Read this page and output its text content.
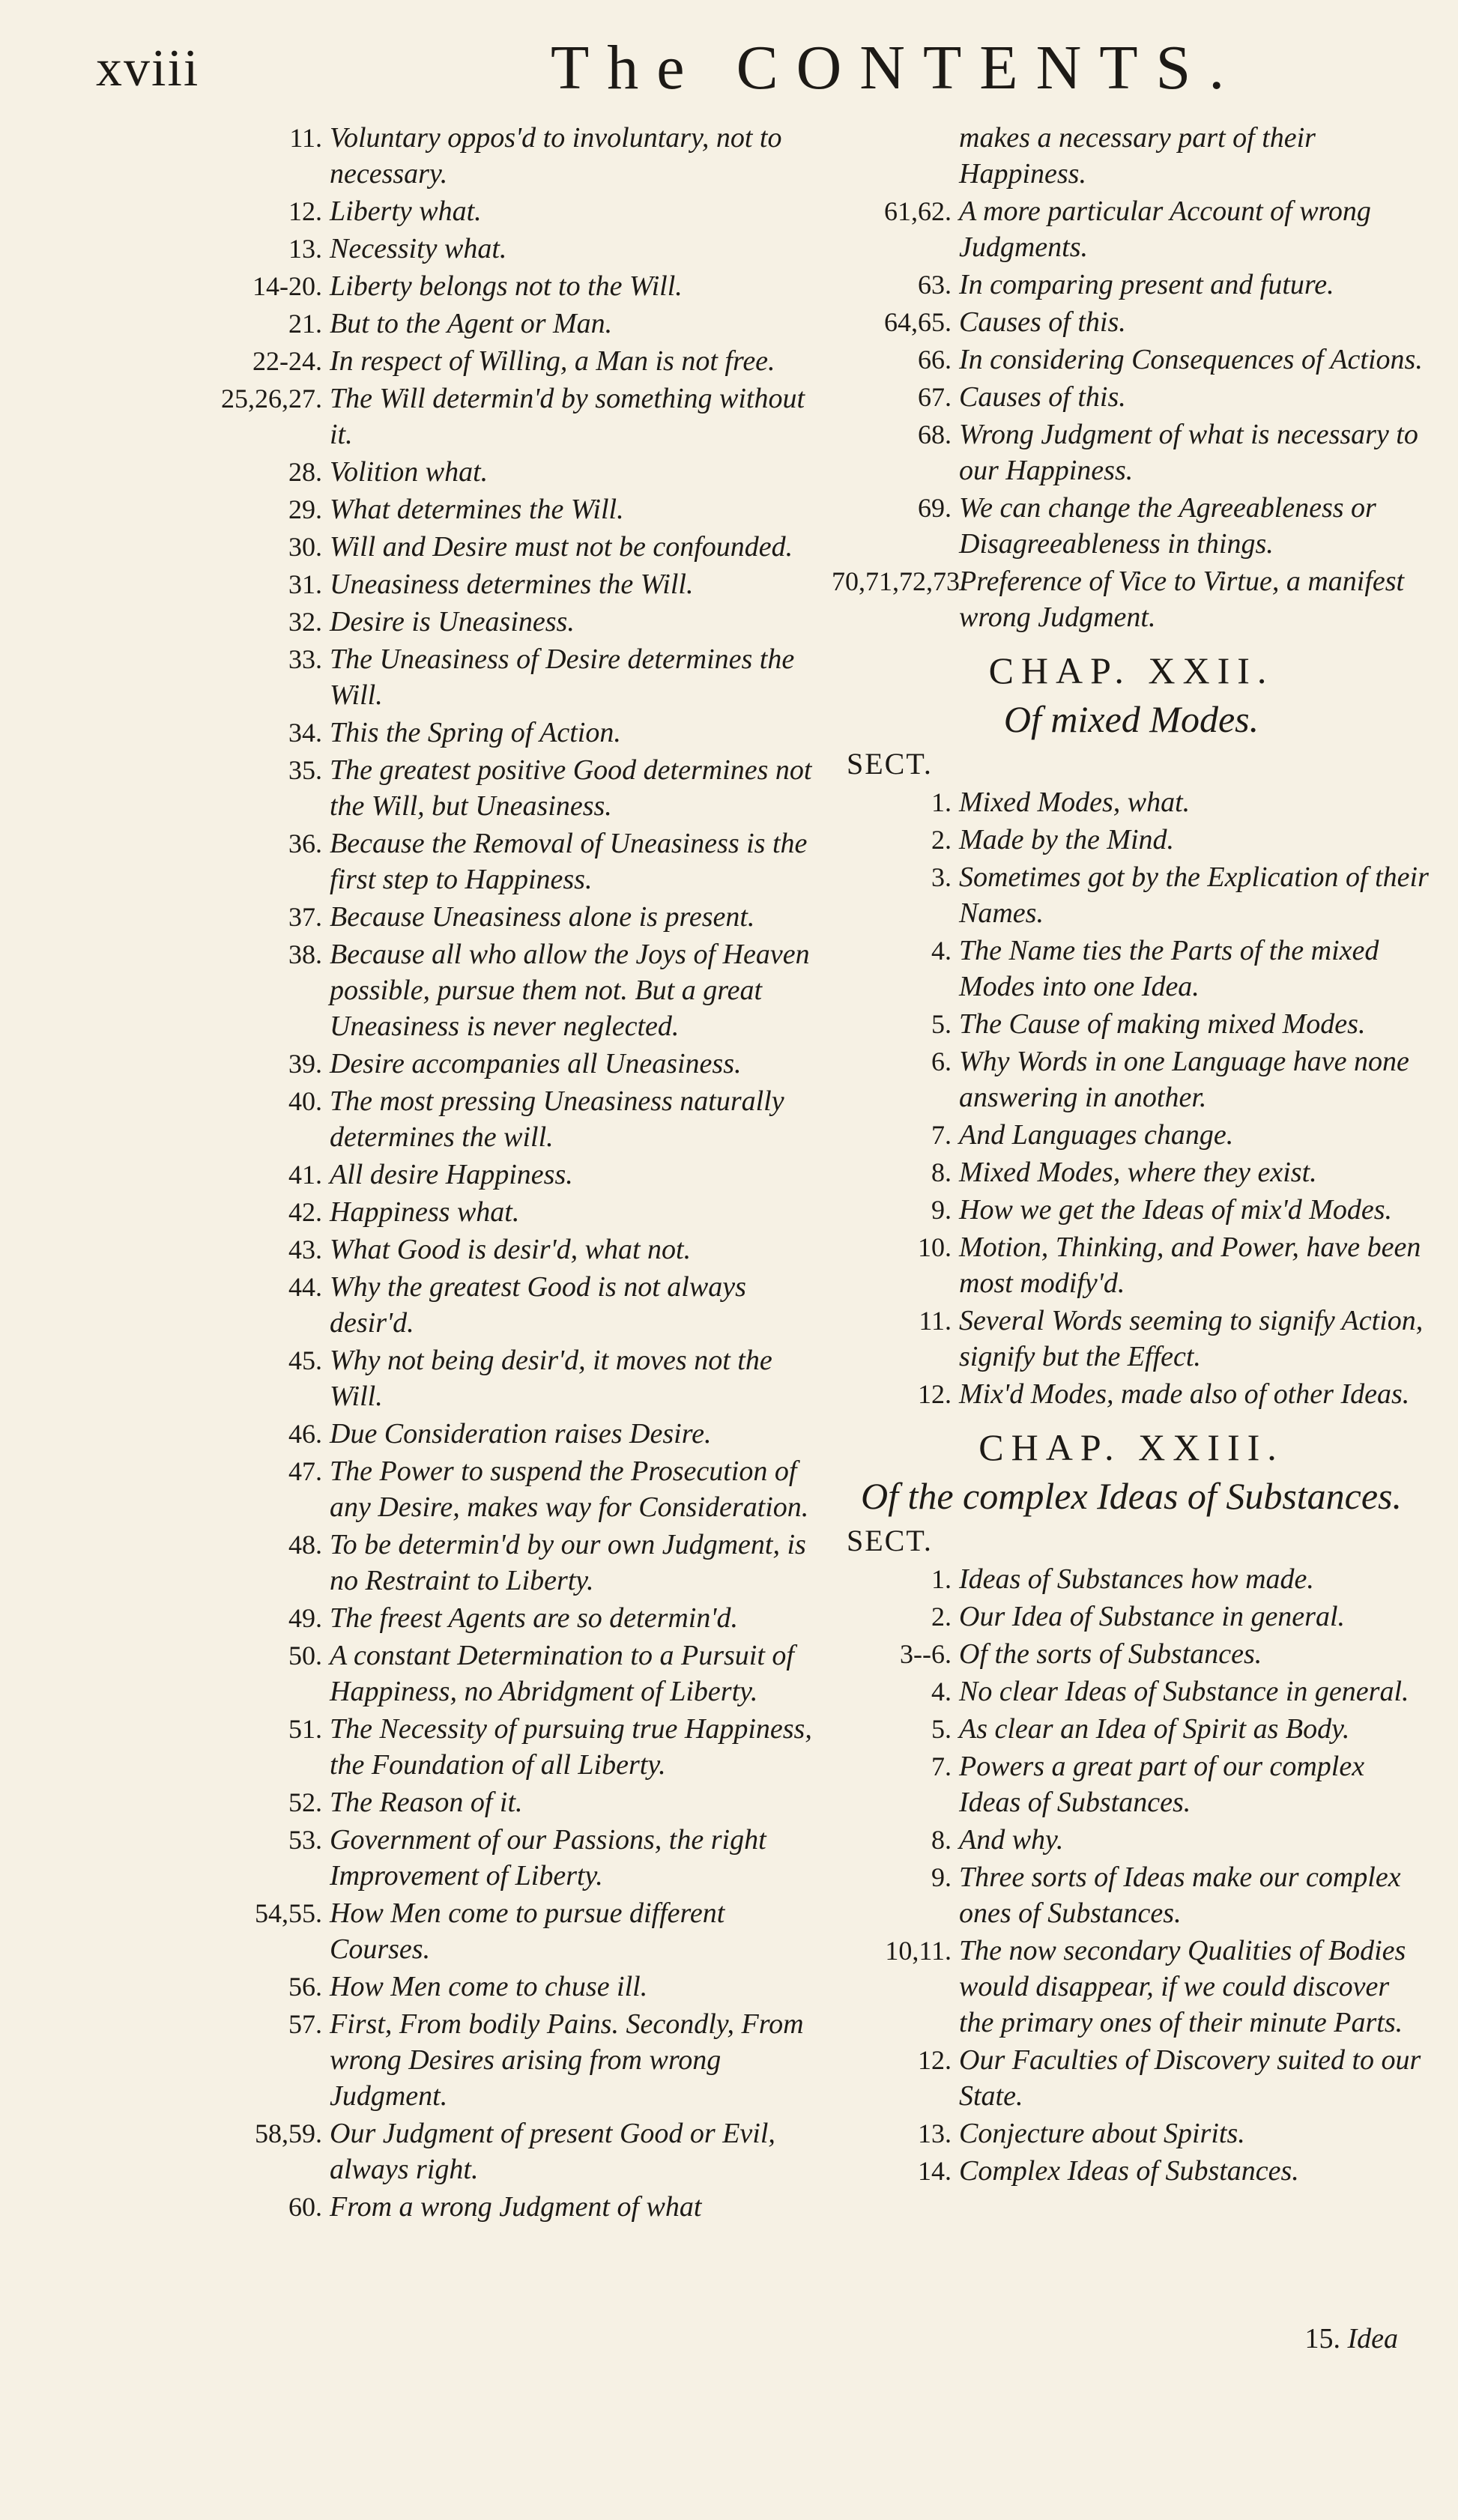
xviii	The CONTENTS.
11. Voluntary oppos'd to involuntary, not to necessary.
12. Liberty what.
13. Necessity what.
14-20. Liberty belongs not to the Will.
21. But to the Agent or Man.
22-24. In respect of Willing, a Man is not free.
25,26,27. The Will determin'd by something without it.
28. Volition what.
29. What determines the Will.
30. Will and Desire must not be confounded.
31. Uneasiness determines the Will.
32. Desire is Uneasiness.
33. The Uneasiness of Desire determines the Will.
34. This the Spring of Action.
35. The greatest positive Good determines not the Will, but Uneasiness.
36. Because the Removal of Uneasiness is the first step to Happiness.
37. Because Uneasiness alone is present.
38. Because all who allow the Joys of Heaven possible, pursue them not. But a great Uneasiness is never neglected.
39. Desire accompanies all Uneasiness.
40. The most pressing Uneasiness naturally determines the will.
41. All desire Happiness.
42. Happiness what.
43. What Good is desir'd, what not.
44. Why the greatest Good is not always desir'd.
45. Why not being desir'd, it moves not the Will.
46. Due Consideration raises Desire.
47. The Power to suspend the Prosecution of any Desire, makes way for Consideration.
48. To be determin'd by our own Judgment, is no Restraint to Liberty.
49. The freest Agents are so determin'd.
50. A constant Determination to a Pursuit of Happiness, no Abridgment of Liberty.
51. The Necessity of pursuing true Happiness, the Foundation of all Liberty.
52. The Reason of it.
53. Government of our Passions, the right Improvement of Liberty.
54,55. How Men come to pursue different Courses.
56. How Men come to chuse ill.
57. First, From bodily Pains. Secondly, From wrong Desires arising from wrong Judgment.
58,59. Our Judgment of present Good or Evil, always right.
60. From a wrong Judgment of what
makes a necessary part of their Happiness.
61,62. A more particular Account of wrong Judgments.
63. In comparing present and future.
64,65. Causes of this.
66. In considering Consequences of Actions.
67. Causes of this.
68. Wrong Judgment of what is necessary to our Happiness.
69. We can change the Agreeableness or Disagreeableness in things.
70,71,72,73.
Preference of Vice to Virtue, a manifest wrong Judgment.
CHAP. XXII.
Of mixed Modes.
SECT.
1. Mixed Modes, what.
2. Made by the Mind.
3. Sometimes got by the Explication of their Names.
4. The Name ties the Parts of the mixed Modes into one Idea.
5. The Cause of making mixed Modes.
6. Why Words in one Language have none answering in another.
7. And Languages change.
8. Mixed Modes, where they exist.
9. How we get the Ideas of mix'd Modes.
10. Motion, Thinking, and Power, have been most modify'd.
11. Several Words seeming to signify Action, signify but the Effect.
12. Mix'd Modes, made also of other Ideas.
CHAP. XXIII.
Of the complex Ideas of Substances.
SECT.
1. Ideas of Substances how made.
2. Our Idea of Substance in general.
3--6. Of the sorts of Substances.
4. No clear Ideas of Substance in general.
5. As clear an Idea of Spirit as Body.
7. Powers a great part of our complex Ideas of Substances.
8. And why.
9. Three sorts of Ideas make our complex ones of Substances.
10,11. The now secondary Qualities of Bodies would disappear, if we could discover the primary ones of their minute Parts.
12. Our Faculties of Discovery suited to our State.
13. Conjecture about Spirits.
14. Complex Ideas of Substances.
15. Idea
